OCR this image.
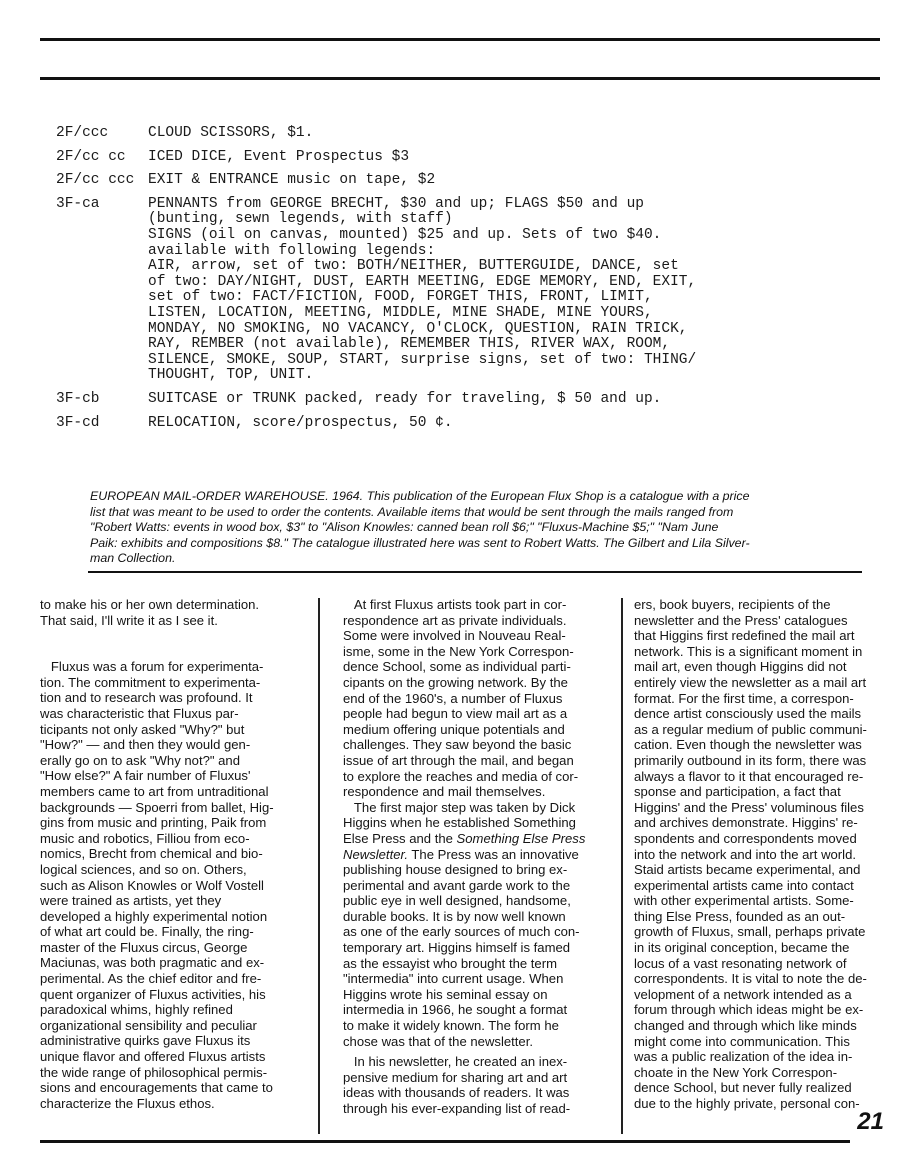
2F/ccc	CLOUD SCISSORS, $1.
2F/cc cc	ICED DICE, Event Prospectus $3
2F/cc ccc EXIT & ENTRANCE music on tape, $2
3F-ca	PENNANTS from GEORGE BRECHT, $30 and up; FLAGS $50 and up
(bunting, sewn legends, with staff)
SIGNS (oil on canvas, mounted) $25 and up. Sets of two $40.
available with following legends:
AIR, arrow, set of two: BOTH/NEITHER, BUTTERGUIDE, DANCE, set
of two: DAY/NIGHT, DUST, EARTH MEETING, EDGE MEMORY, END, EXIT,
set of two: FACT/FICTION, FOOD, FORGET THIS, FRONT, LIMIT,
LISTEN, LOCATION, MEETING, MIDDLE, MINE SHADE, MINE YOURS,
MONDAY, NO SMOKING, NO VACANCY, O'CLOCK, QUESTION, RAIN TRICK,
RAY, REMBER (not available), REMEMBER THIS, RIVER WAX, ROOM,
SILENCE, SMOKE, SOUP, START, surprise signs, set of two: THING/
THOUGHT, TOP, UNIT.
3F-cb	SUITCASE or TRUNK packed, ready for traveling, $ 50 and up.
3F-cd	RELOCATION, score/prospectus, 50 ¢.
EUROPEAN MAIL-ORDER WAREHOUSE. 1964. This publication of the European Flux Shop is a catalogue with a price
list that was meant to be used to order the contents. Available items that would be sent through the mails ranged from
"Robert Watts: events in wood box, $3" to "Alison Knowles: canned bean roll $6;" "Fluxus-Machine $5;" "Nam June
Paik: exhibits and compositions $8." The catalogue illustrated here was sent to Robert Watts. The Gilbert and Lila Silver-
man Collection.
to make his or her own determination.
That said, I'll write it as I see it.
Fluxus was a forum for experimenta-
tion. The commitment to experimenta-
tion and to research was profound. It
was characteristic that Fluxus par-
ticipants not only asked "Why?" but
"How?" — and then they would gen-
erally go on to ask "Why not?" and
"How else?" A fair number of Fluxus'
members came to art from untraditional
backgrounds — Spoerri from ballet, Hig-
gins from music and printing, Paik from
music and robotics, Filliou from eco-
nomics, Brecht from chemical and bio-
logical sciences, and so on. Others,
such as Alison Knowles or Wolf Vostell
were trained as artists, yet they
developed a highly experimental notion
of what art could be. Finally, the ring-
master of the Fluxus circus, George
Maciunas, was both pragmatic and ex-
perimental. As the chief editor and fre-
quent organizer of Fluxus activities, his
paradoxical whims, highly refined
organizational sensibility and peculiar
administrative quirks gave Fluxus its
unique flavor and offered Fluxus artists
the wide range of philosophical permis-
sions and encouragements that came to
characterize the Fluxus ethos.
At first Fluxus artists took part in cor-
respondence art as private individuals.
Some were involved in Nouveau Real-
isme, some in the New York Correspon-
dence School, some as individual parti-
cipants on the growing network. By the
end of the 1960's, a number of Fluxus
people had begun to view mail art as a
medium offering unique potentials and
challenges. They saw beyond the basic
issue of art through the mail, and began
to explore the reaches and media of cor-
respondence and mail themselves.
The first major step was taken by Dick
Higgins when he established Something
Else Press and the Something Else Press
Newsletter. The Press was an innovative
publishing house designed to bring ex-
perimental and avant garde work to the
public eye in well designed, handsome,
durable books. It is by now well known
as one of the early sources of much con-
temporary art. Higgins himself is famed
as the essayist who brought the term
"intermedia" into current usage. When
Higgins wrote his seminal essay on
intermedia in 1966, he sought a format
to make it widely known. The form he
chose was that of the newsletter.
In his newsletter, he created an inex-
pensive medium for sharing art and art
ideas with thousands of readers. It was
through his ever-expanding list of read-
ers, book buyers, recipients of the
newsletter and the Press' catalogues
that Higgins first redefined the mail art
network. This is a significant moment in
mail art, even though Higgins did not
entirely view the newsletter as a mail art
format. For the first time, a correspon-
dence artist consciously used the mails
as a regular medium of public communi-
cation. Even though the newsletter was
primarily outbound in its form, there was
always a flavor to it that encouraged re-
sponse and participation, a fact that
Higgins' and the Press' voluminous files
and archives demonstrate. Higgins' re-
spondents and correspondents moved
into the network and into the art world.
Staid artists became experimental, and
experimental artists came into contact
with other experimental artists. Some-
thing Else Press, founded as an out-
growth of Fluxus, small, perhaps private
in its original conception, became the
locus of a vast resonating network of
correspondents. It is vital to note the de-
velopment of a network intended as a
forum through which ideas might be ex-
changed and through which like minds
might come into communication. This
was a public realization of the idea in-
choate in the New York Correspon-
dence School, but never fully realized
due to the highly private, personal con-
21
